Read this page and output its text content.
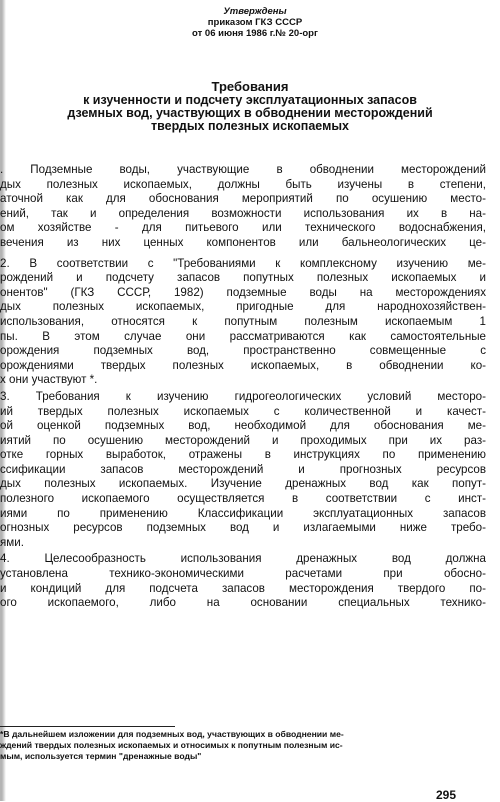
Утверждены
приказом ГКЗ СССР
от 06 июня 1986 г.№ 20-орг
Требования
к изученности и подсчету эксплуатационных запасов
дземных вод, участвующих в обводнении месторождений
твердых полезных ископаемых
. Подземные воды, участвующие в обводнении месторождений
дых полезных ископаемых, должны быть изучены в степени,
аточной как для обоснования мероприятий по осушению место-
ений, так и определения возможности использования их в на-
ом хозяйстве - для питьевого или технического водоснабжения,
вечения из них ценных компонентов или бальнеологических це-
2. В соответствии с "Требованиями к комплексному изучению ме-
рождений и подсчету запасов попутных полезных ископаемых и
онентов" (ГКЗ СССР, 1982) подземные воды на месторождениях
дых полезных ископаемых, пригодные для народнохозяйствен-
использования, относятся к попутным полезным ископаемым 1
пы. В этом случае они рассматриваются как самостоятельные
орождения подземных вод, пространственно совмещенные с
орождениями твердых полезных ископаемых, в обводнении ко-
х они участвуют *.
3. Требования к изучению гидрогеологических условий месторо-
ий твердых полезных ископаемых с количественной и качест-
ой оценкой подземных вод, необходимой для обоснования ме-
иятий по осушению месторождений и проходимых при их раз-
отке горных выработок, отражены в инструкциях по применению
ссификации запасов месторождений и прогнозных ресурсов
дых полезных ископаемых. Изучение дренажных вод как попут-
полезного ископаемого осуществляется в соответствии с инст-
иями по применению Классификации эксплуатационных запасов
огнозных ресурсов подземных вод и излагаемыми ниже требо-
ями.
4. Целесообразность использования дренажных вод должна
установлена технико-экономическими расчетами при обосно-
и кондиций для подсчета запасов месторождения твердого по-
ого ископаемого, либо на основании специальных технико-
*В дальнейшем изложении для подземных вод, участвующих в обводнении ме-
ждений твердых полезных ископаемых и относимых к попутным полезным ис-
мым, используется термин "дренажные воды"
295
